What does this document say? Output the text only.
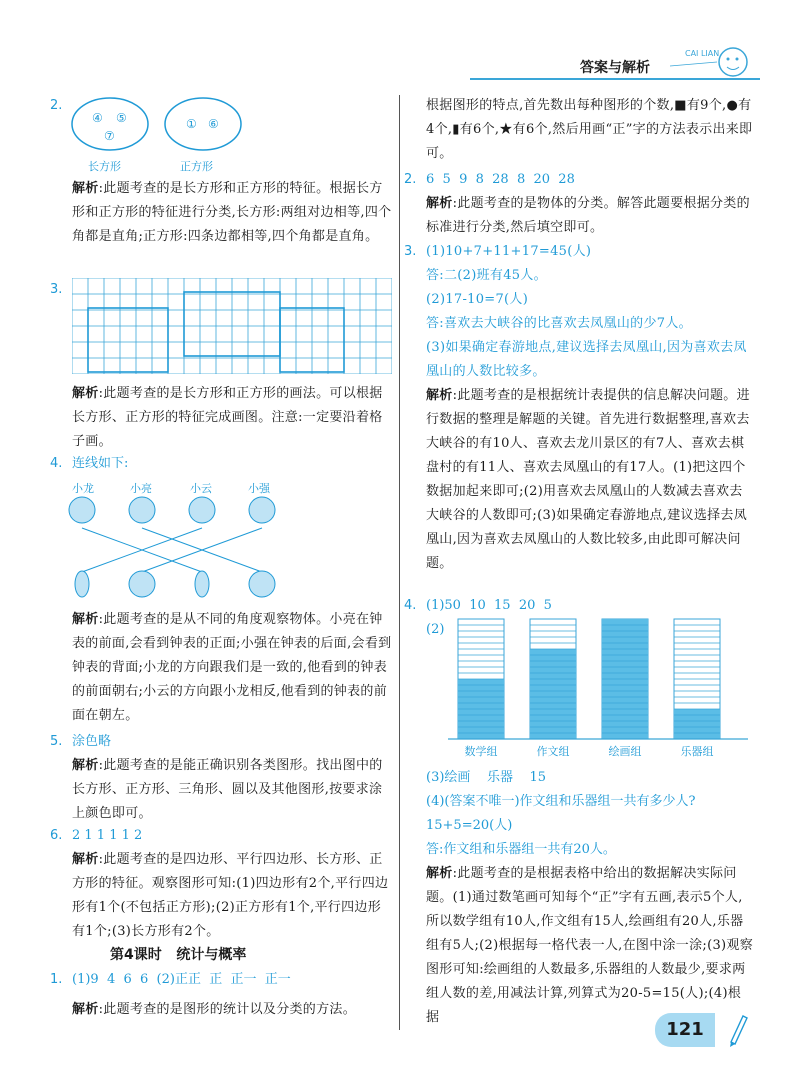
答案与解析
CAI LIAN
2.
④ ⑤
⑦
① ⑥
长方形	正方形
解析:此题考查的是长方形和正方形的特征。根据长方形和正方形的特征进行分类,长方形:两组对边相等,四个角都是直角;正方形:四条边都相等,四个角都是直角。
3.
解析:此题考查的是长方形和正方形的画法。可以根据长方形、正方形的特征完成画图。注意:一定要沿着格子画。
4. 连线如下:
小龙	小亮	小云	小强
解析:此题考查的是从不同的角度观察物体。小亮在钟表的前面,会看到钟表的正面;小强在钟表的后面,会看到钟表的背面;小龙的方向跟我们是一致的,他看到的钟表的前面朝右;小云的方向跟小龙相反,他看到的钟表的前面在朝左。
5. 涂色略
解析:此题考查的是能正确识别各类图形。找出图中的长方形、正方形、三角形、圆以及其他图形,按要求涂上颜色即可。
6. 2 1 1 1 1 2
解析:此题考查的是四边形、平行四边形、长方形、正方形的特征。观察图形可知:(1)四边形有2个,平行四边形有1个(不包括正方形);(2)正方形有1个,平行四边形有1个;(3)长方形有2个。
第4课时   统计与概率
1. (1)9  4  6  6  (2)正正  正  正一  正一
解析:此题考查的是图形的统计以及分类的方法。
根据图形的特点,首先数出每种图形的个数,■有9个,●有4个,▮有6个,★有6个,然后用画“正”字的方法表示出来即可。
2. 6  5  9  8  28  8  20  28
解析:此题考查的是物体的分类。解答此题要根据分类的标准进行分类,然后填空即可。
3. (1)10+7+11+17=45(人)
答:二(2)班有45人。
(2)17-10=7(人)
答:喜欢去大峡谷的比喜欢去凤凰山的少7人。
(3)如果确定春游地点,建议选择去凤凰山,因为喜欢去凤凰山的人数比较多。
解析:此题考查的是根据统计表提供的信息解决问题。进行数据的整理是解题的关键。首先进行数据整理,喜欢去大峡谷的有10人、喜欢去龙川景区的有7人、喜欢去棋盘村的有11人、喜欢去凤凰山的有17人。(1)把这四个数据加起来即可;(2)用喜欢去凤凰山的人数减去喜欢去大峡谷的人数即可;(3)如果确定春游地点,建议选择去凤凰山,因为喜欢去凤凰山的人数比较多,由此即可解决问题。
4. (1)50  10  15  20  5
(2)
数学组	作文组	绘画组	乐器组
(3)绘画    乐器    15
(4)(答案不唯一)作文组和乐器组一共有多少人?
15+5=20(人)
答:作文组和乐器组一共有20人。
解析:此题考查的是根据表格中给出的数据解决实际问题。(1)通过数笔画可知每个“正”字有五画,表示5个人,所以数学组有10人,作文组有15人,绘画组有20人,乐器组有5人;(2)根据每一格代表一人,在图中涂一涂;(3)观察图形可知:绘画组的人数最多,乐器组的人数最少,要求两组人数的差,用减法计算,列算式为20-5=15(人);(4)根据
121
